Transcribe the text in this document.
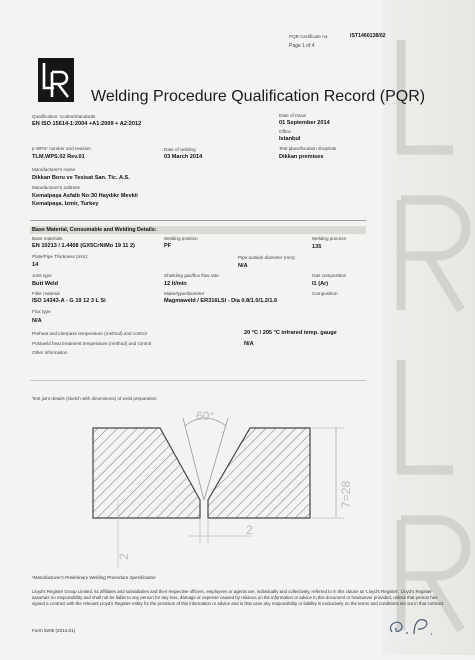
PQR Certificate no:	IST1460138/02
Page 1 of 4
Welding Procedure Qualification Record (PQR)
Qualification: Codes/Standards
EN ISO 15614-1:2004 +A1:2009 + A2:2012
Date of Issue
01 September 2014
Office
Istanbul
p WPS¹ number and revision
TLM.WPS.02 Rev.01
Date of welding
03 March 2014
Test place/location shop/site
Dikkan premises
Manufacturer's name
Dikkan Boru ve Tesisat San. Tic. A.S.
Manufacturer's address
Kemalpaşa Asfaltı No:30 Haydıkr Mevkii
Kemalpaşa, Izmir, Turkey
Base Material, Consumable and Welding Details:
Base materials
EN 10213 / 1.4408 (GX5CrNiMo 19 11 2)
Welding position
PF
Welding process
135
Plate/Pipe Thickness (mm):
14
Pipe outside diameter (mm):
N/A
Joint type
Butt Weld
Shielding gas/flux flow rate
12 lt/min
Gas composition
I1 (Ar)
Filler material
ISO 14343-A - G 19 12 3 L Si
Make/type/diameter
Magmaweld / ER316LSI - Dia 0.8/1.0/1.2/1.6
Composition
Flux type
N/A
Preheat and interpass temperature (method) and control	20 °C / 205 °C infrared temp. gauge
Postweld heat treatment temperature (method) and control	N/A
Other information
Test joint details (sketch with dimensions) of weld preparation
60°
7=28
2
2
¹Manufacturer's Preliminary Welding Procedure Specification
Lloyd's Register Group Limited, its affiliates and subsidiaries and their respective officers, employees or agents are, individually and collectively, referred to in this clause as 'Lloyd's Register'. Lloyd's Register assumes no responsibility and shall not be liable to any person for any loss, damage or expense caused by reliance on the information or advice in this document or howsoever provided, unless that person has signed a contract with the relevant Lloyd's Register entity for the provision of this information or advice and in that case any responsibility or liability is exclusively on the terms and conditions set out in that contract.
Form 5209 (2014.01)
